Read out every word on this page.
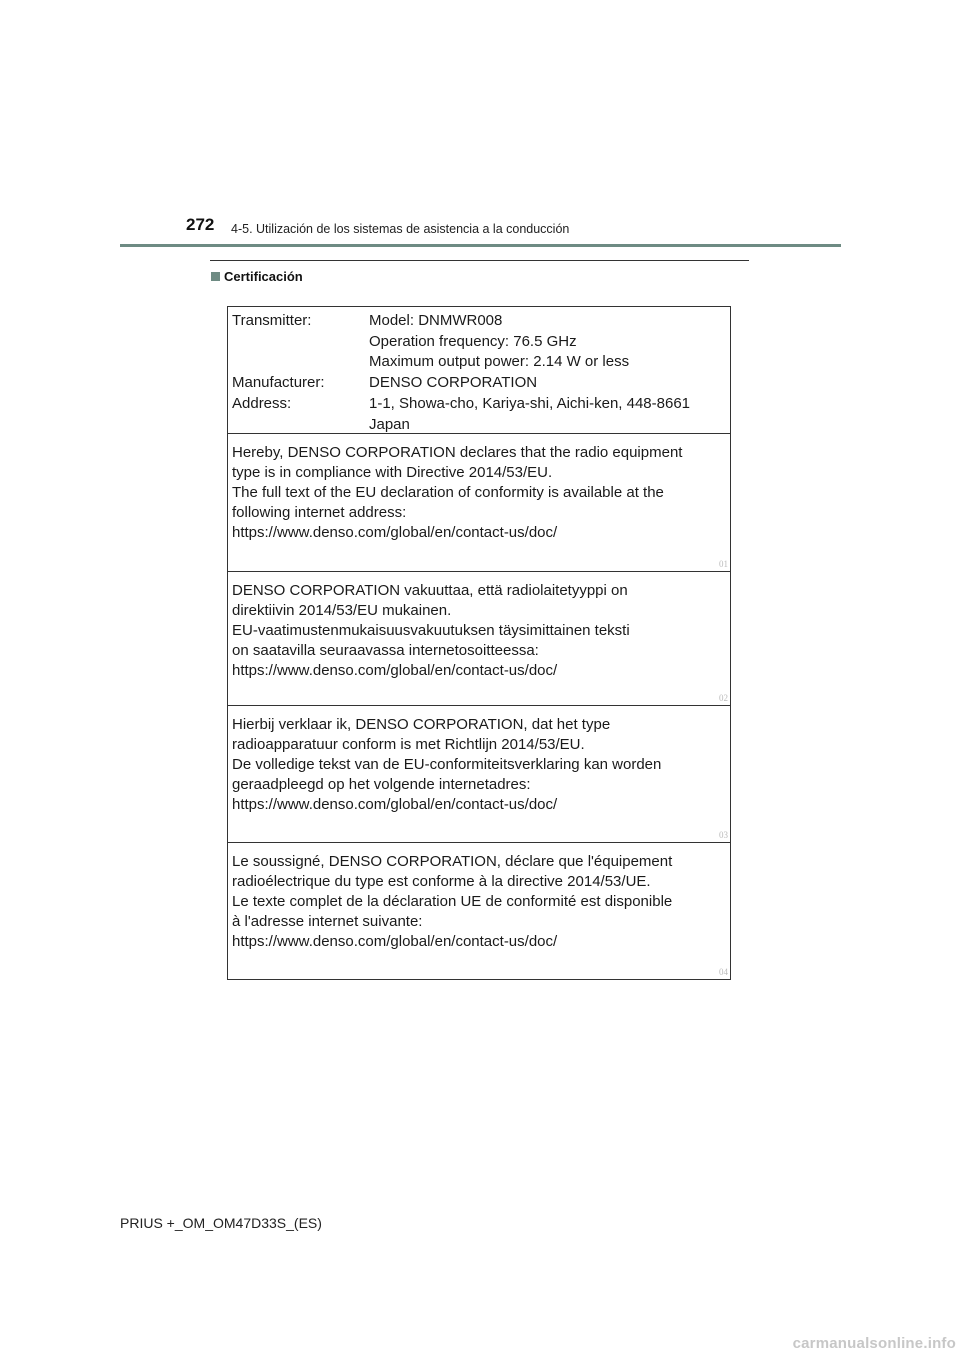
272 4-5. Utilización de los sistemas de asistencia a la conducción
Certificación
Transmitter:	Model: DNMWR008
Operation frequency: 76.5 GHz
Maximum output power: 2.14 W or less
Manufacturer:	DENSO CORPORATION
Address:	1-1, Showa-cho, Kariya-shi, Aichi-ken, 448-8661
Japan

Hereby, DENSO CORPORATION declares that the radio equipment
type is in compliance with Directive 2014/53/EU.
The full text of the EU declaration of conformity is available at the
following internet address:
https://www.denso.com/global/en/contact-us/doc/

01

DENSO CORPORATION vakuuttaa, että radiolaitetyyppi on
direktiivin 2014/53/EU mukainen.
EU-vaatimustenmukaisuusvakuutuksen täysimittainen teksti
on saatavilla seuraavassa internetosoitteessa:
https://www.denso.com/global/en/contact-us/doc/

02

Hierbij verklaar ik, DENSO CORPORATION, dat het type
radioapparatuur conform is met Richtlijn 2014/53/EU.
De volledige tekst van de EU-conformiteitsverklaring kan worden
geraadpleegd op het volgende internetadres:
https://www.denso.com/global/en/contact-us/doc/

03

Le soussigné, DENSO CORPORATION, déclare que l'équipement
radioélectrique du type est conforme à la directive 2014/53/UE.
Le texte complet de la déclaration UE de conformité est disponible
à l'adresse internet suivante:
https://www.denso.com/global/en/contact-us/doc/

04
PRIUS +_OM_OM47D33S_(ES)
carmanualsonline.info
